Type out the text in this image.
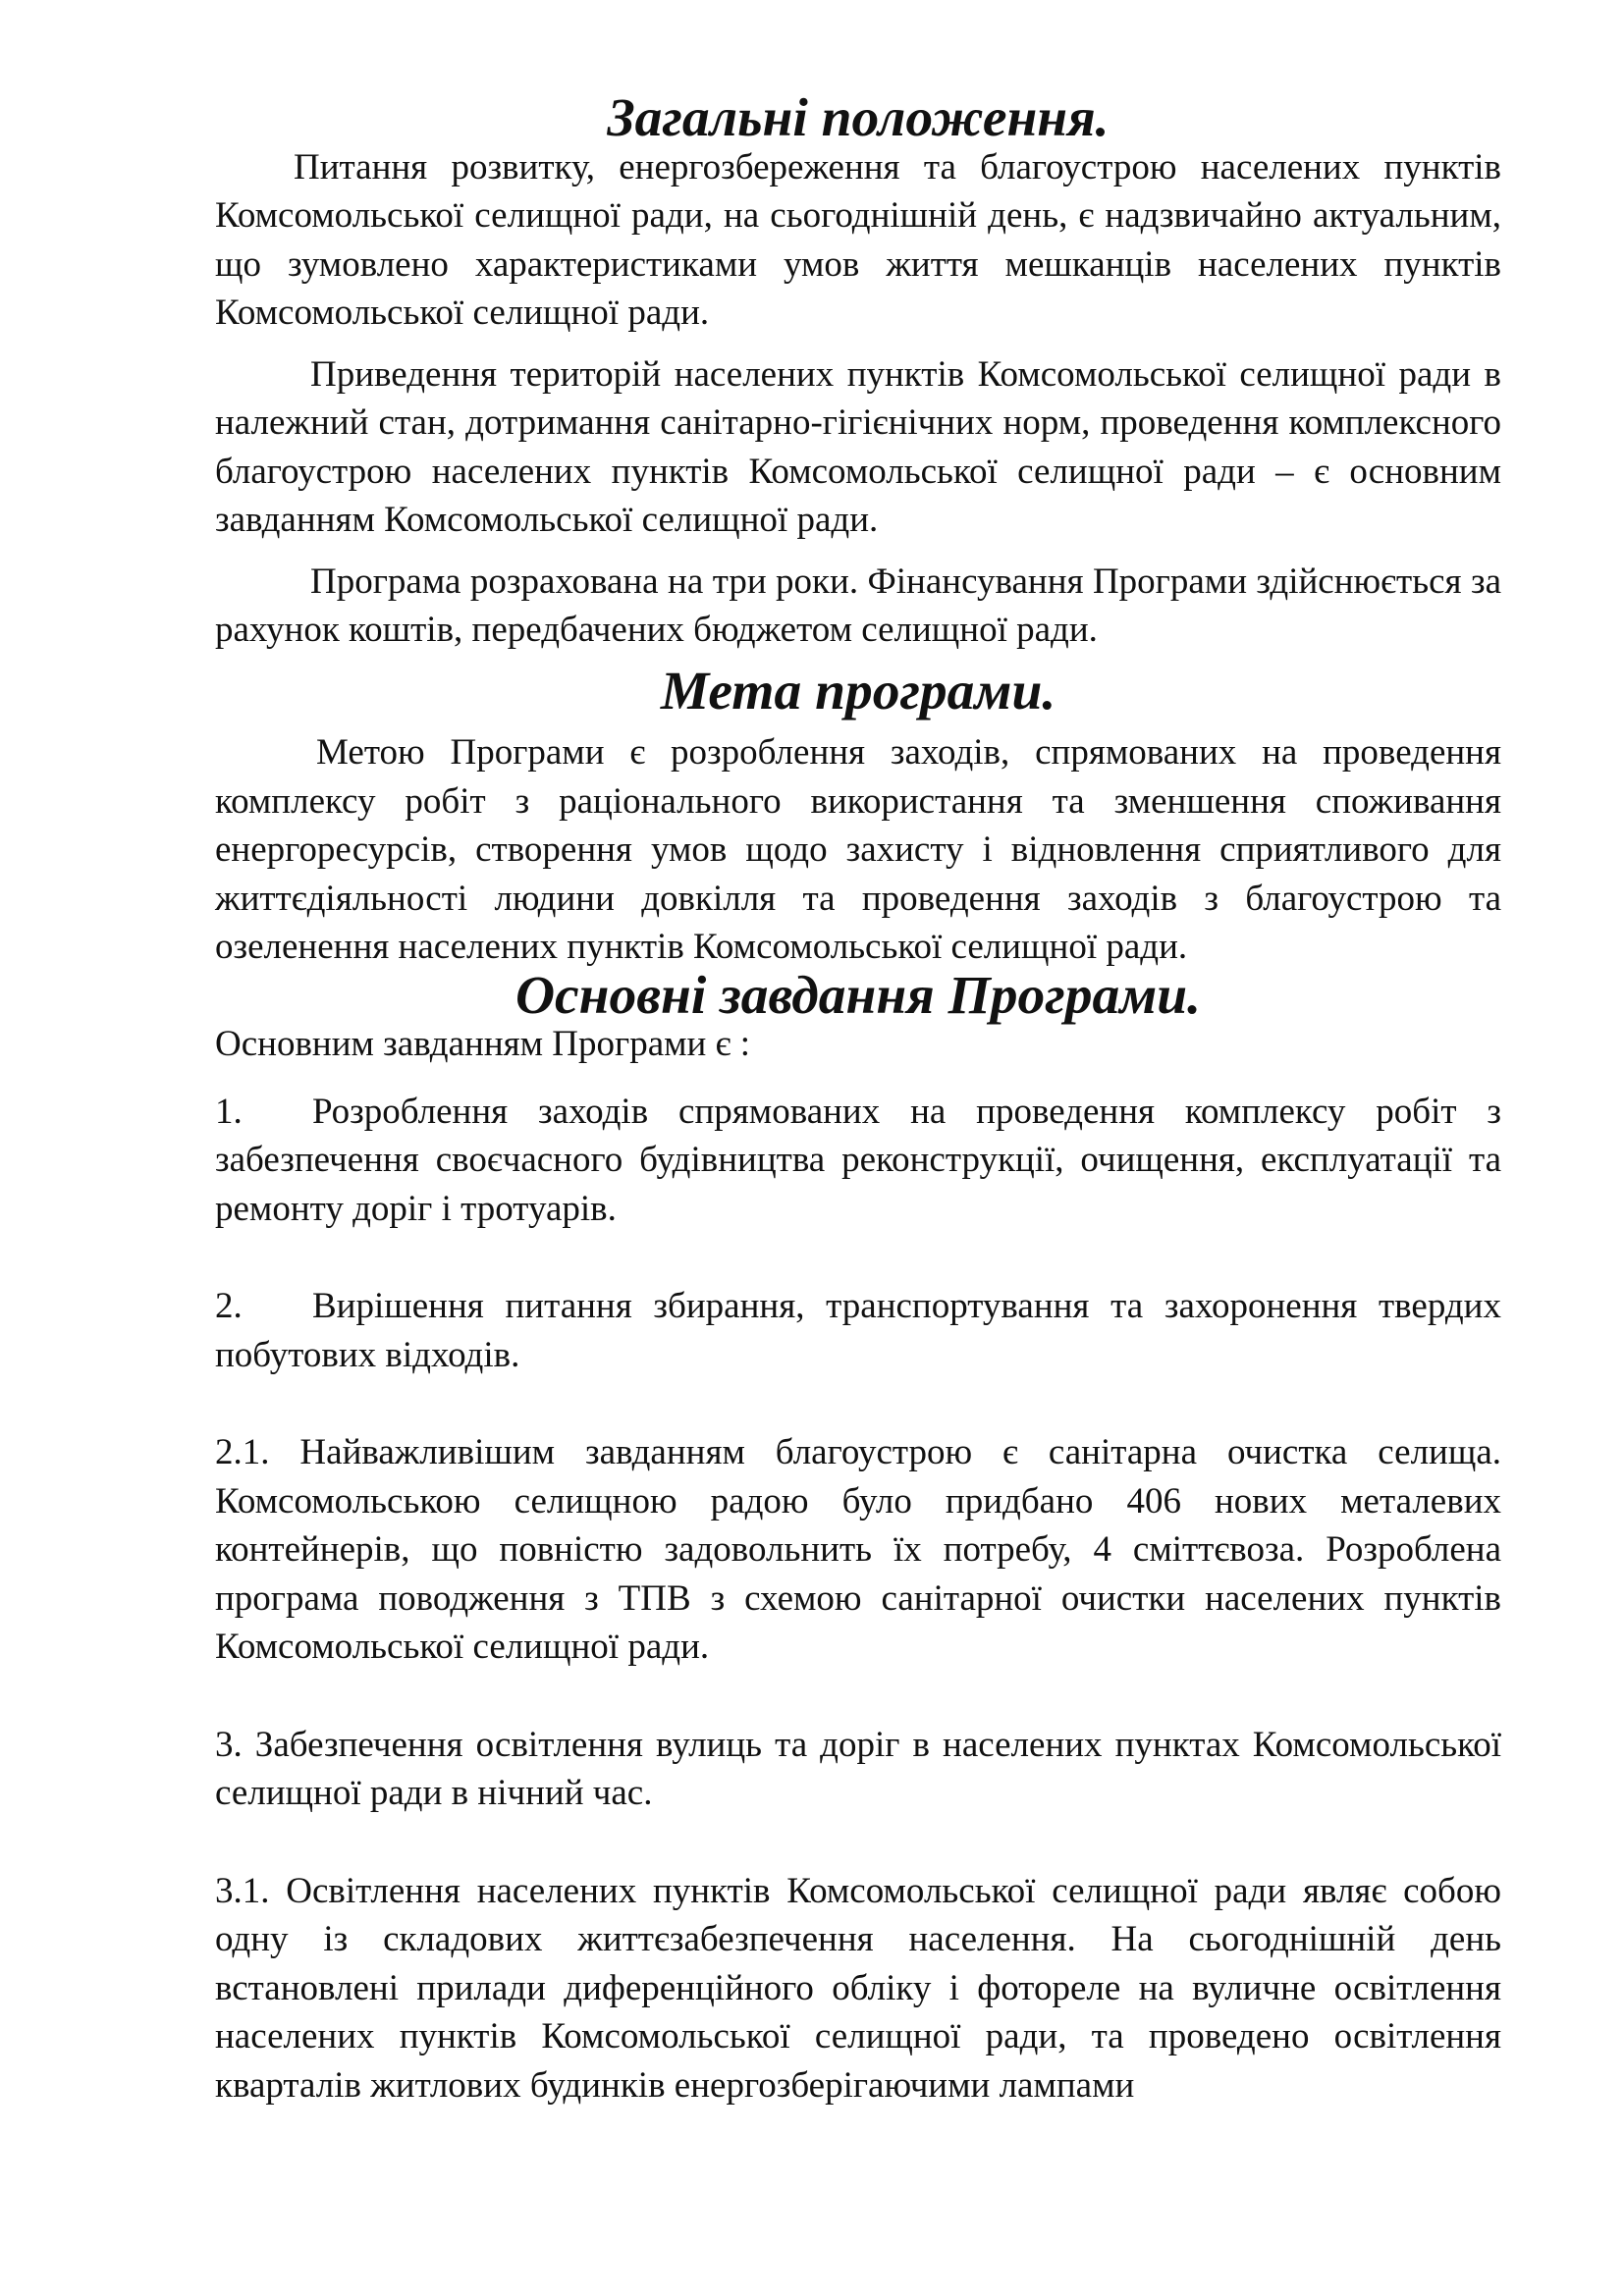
Загальні положення.

Питання розвитку, енергозбереження та благоустрою населених пунктів Комсомольської селищної ради, на сьогоднішній день, є надзвичайно актуальним, що зумовлено характеристиками умов життя мешканців населених пунктів Комсомольської селищної ради.

Приведення територій населених пунктів Комсомольської селищної ради в належний стан, дотримання санітарно-гігієнічних норм, проведення комплексного благоустрою населених пунктів Комсомольської селищної ради – є основним завданням Комсомольської селищної ради.

Програма розрахована на три роки. Фінансування Програми здійснюється за рахунок коштів, передбачених бюджетом селищної ради.

Мета програми.

Метою Програми є розроблення заходів, спрямованих на проведення комплексу робіт з раціонального використання та зменшення споживання енергоресурсів, створення умов щодо захисту і відновлення сприятливого для життєдіяльності людини довкілля та проведення заходів з благоустрою та озеленення населених пунктів Комсомольської селищної ради.

Основні завдання Програми.

Основним завданням Програми є :

1. Розроблення заходів спрямованих на проведення комплексу робіт з забезпечення своєчасного будівництва реконструкції, очищення, експлуатації та ремонту доріг і тротуарів.

2. Вирішення питання збирання, транспортування та захоронення твердих побутових відходів.

2.1. Найважливішим завданням благоустрою є санітарна очистка селища. Комсомольською селищною радою було придбано 406 нових металевих контейнерів, що повністю задовольнить їх потребу, 4 сміттєвоза. Розроблена програма поводження з ТПВ з схемою санітарної очистки населених пунктів Комсомольської селищної ради.

3. Забезпечення освітлення вулиць та доріг в населених пунктах Комсомольської селищної ради в нічний час.

3.1. Освітлення населених пунктів Комсомольської селищної ради являє собою одну із складових життєзабезпечення населення. На сьогоднішній день встановлені прилади диференційного обліку і фотореле на вуличне освітлення населених пунктів Комсомольської селищної ради, та проведено освітлення кварталів житлових будинків енергозберігаючими лампами
